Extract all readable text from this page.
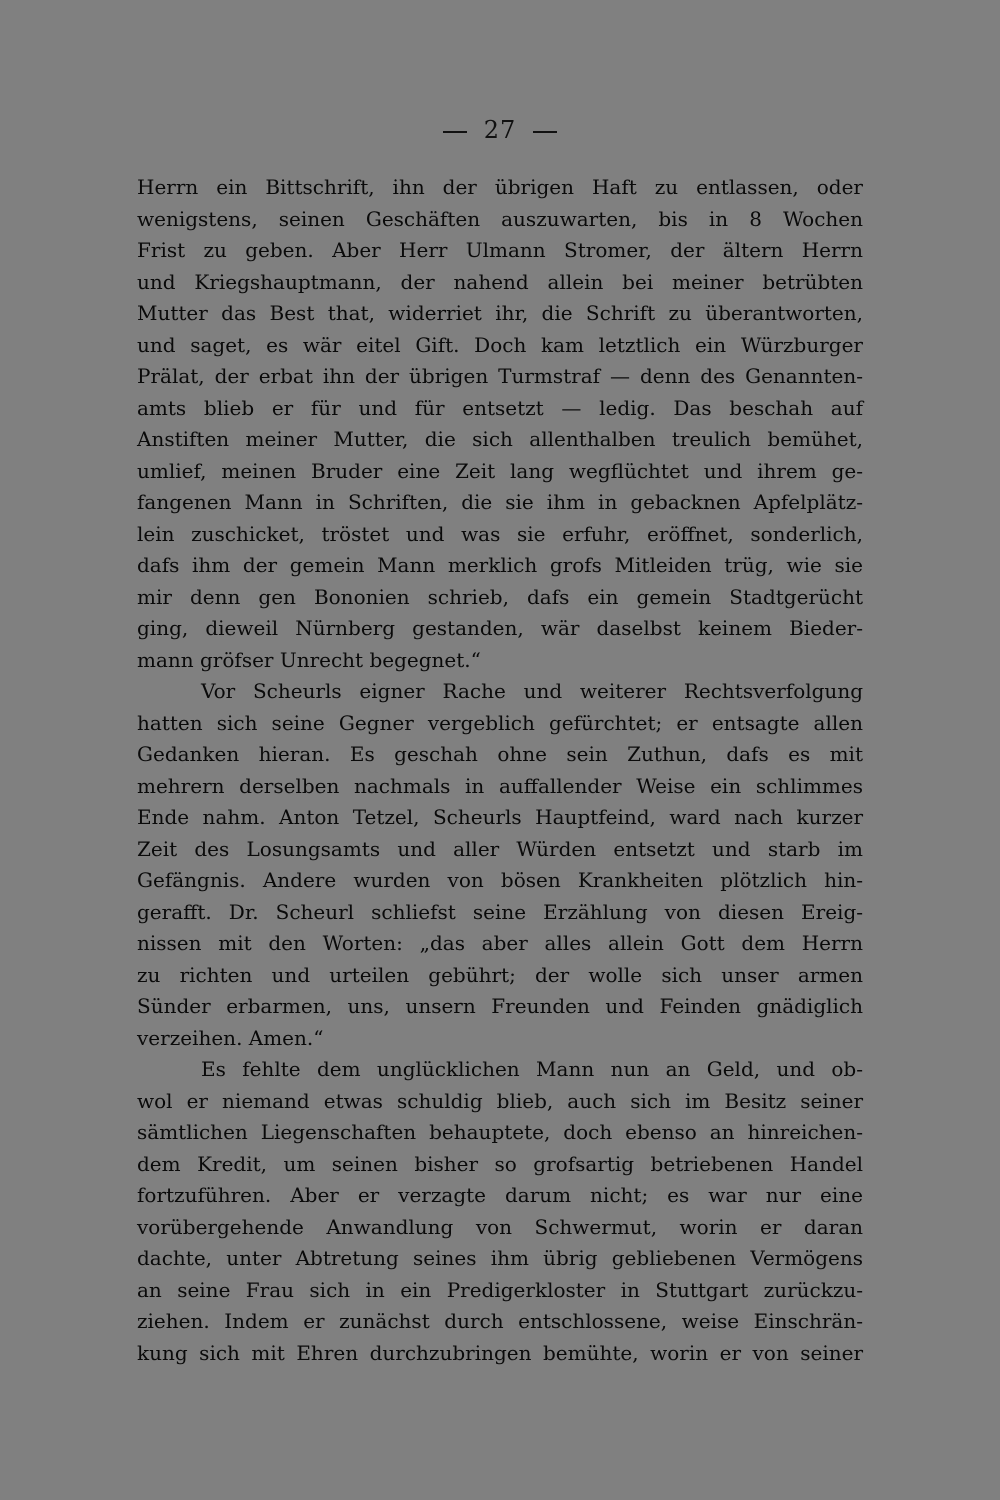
27
Herrn ein Bittschrift, ihn der übrigen Haft zu entlassen, oder
wenigstens, seinen Geschäften auszuwarten, bis in 8 Wochen
Frist zu geben. Aber Herr Ulmann Stromer, der ältern Herrn
und Kriegshauptmann, der nahend allein bei meiner betrübten
Mutter das Best that, widerriet ihr, die Schrift zu überantworten,
und saget, es wär eitel Gift. Doch kam letztlich ein Würzburger
Prälat, der erbat ihn der übrigen Turmstraf — denn des Genannten-
amts blieb er für und für entsetzt — ledig. Das beschah auf
Anstiften meiner Mutter, die sich allenthalben treulich bemühet,
umlief, meinen Bruder eine Zeit lang wegflüchtet und ihrem ge-
fangenen Mann in Schriften, die sie ihm in gebacknen Apfelplätz-
lein zuschicket, tröstet und was sie erfuhr, eröffnet, sonderlich,
dafs ihm der gemein Mann merklich grofs Mitleiden trüg, wie sie
mir denn gen Bononien schrieb, dafs ein gemein Stadtgerücht
ging, dieweil Nürnberg gestanden, wär daselbst keinem Bieder-
mann gröfser Unrecht begegnet.“
Vor Scheurls eigner Rache und weiterer Rechtsverfolgung
hatten sich seine Gegner vergeblich gefürchtet; er entsagte allen
Gedanken hieran. Es geschah ohne sein Zuthun, dafs es mit
mehrern derselben nachmals in auffallender Weise ein schlimmes
Ende nahm. Anton Tetzel, Scheurls Hauptfeind, ward nach kurzer
Zeit des Losungsamts und aller Würden entsetzt und starb im
Gefängnis. Andere wurden von bösen Krankheiten plötzlich hin-
gerafft. Dr. Scheurl schliefst seine Erzählung von diesen Ereig-
nissen mit den Worten: „das aber alles allein Gott dem Herrn
zu richten und urteilen gebührt; der wolle sich unser armen
Sünder erbarmen, uns, unsern Freunden und Feinden gnädiglich
verzeihen. Amen.“
Es fehlte dem unglücklichen Mann nun an Geld, und ob-
wol er niemand etwas schuldig blieb, auch sich im Besitz seiner
sämtlichen Liegenschaften behauptete, doch ebenso an hinreichen-
dem Kredit, um seinen bisher so grofsartig betriebenen Handel
fortzuführen. Aber er verzagte darum nicht; es war nur eine
vorübergehende Anwandlung von Schwermut, worin er daran
dachte, unter Abtretung seines ihm übrig gebliebenen Vermögens
an seine Frau sich in ein Predigerkloster in Stuttgart zurückzu-
ziehen. Indem er zunächst durch entschlossene, weise Einschrän-
kung sich mit Ehren durchzubringen bemühte, worin er von seiner
